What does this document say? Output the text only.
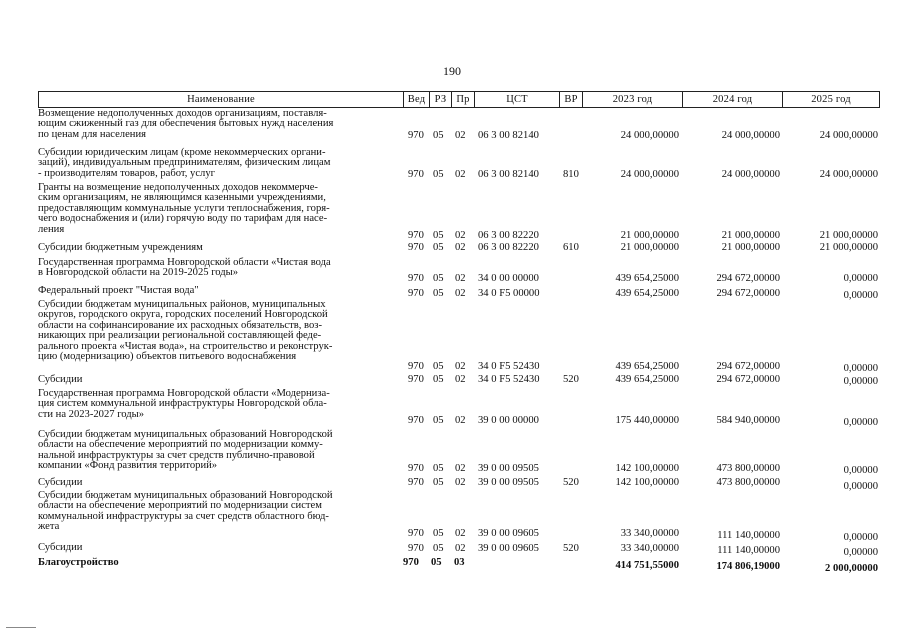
190
Наименование	Вед РЗ Пр	ЦСТ	ВР	2023 год	2024 год	2025 год
Возмещение недополученных доходов организациям, поставля-
ющим сжиженный газ для обеспечения бытовых нужд населения
по ценам для населения	970 05 02 06 3 00 82140	24 000,00000	24 000,00000	24 000,00000
Субсидии юридическим лицам (кроме некоммерческих органи-
заций), индивидуальным предпринимателям, физическим лицам
- производителям товаров, работ, услуг	970 05 02 06 3 00 82140 810	24 000,00000	24 000,00000	24 000,00000
Гранты на возмещение недополученных доходов некоммерче-
ским организациям, не являющимся казенными учреждениями,
предоставляющим коммунальные услуги теплоснабжения, горя-
чего водоснабжения и (или) горячую воду по тарифам для насе-
ления
970 05 02 06 3 00 82220	21 000,00000	21 000,00000	21 000,00000
Субсидии бюджетным учреждениям	970 05 02 06 3 00 82220 610	21 000,00000	21 000,00000	21 000,00000
Государственная программа Новгородской области «Чистая вода
в Новгородской области на 2019-2025 годы»
970 05 02 34 0 00 00000	439 654,25000	294 672,00000	0,00000
Федеральный проект "Чистая вода"	970 05 02 34 0 F5 00000	439 654,25000	294 672,00000	0,00000
Субсидии бюджетам муниципальных районов, муниципальных
округов, городского округа, городских поселений Новгородской
области на софинансирование их расходных обязательств, воз-
никающих при реализации региональной составляющей феде-
рального проекта «Чистая вода», на строительство и реконструк-
цию (модернизацию) объектов питьевого водоснабжения
970 05 02 34 0 F5 52430	439 654,25000	294 672,00000	0,00000
Субсидии	970 05 02 34 0 F5 52430 520	439 654,25000	294 672,00000	0,00000
Государственная программа Новгородской области «Модерниза-
ция систем коммунальной инфраструктуры Новгородской обла-
сти на 2023-2027 годы»
970 05 02 39 0 00 00000	175 440,00000	584 940,00000	0,00000
Субсидии бюджетам муниципальных образований Новгородской
области на обеспечение мероприятий по модернизации комму-
нальной инфраструктуры за счет средств публично-правовой
компании «Фонд развития территорий»	970 05 02 39 0 00 09505	142 100,00000	473 800,00000	0,00000
Субсидии	970 05 02 39 0 00 09505 520	142 100,00000	473 800,00000	0,00000
Субсидии бюджетам муниципальных образований Новгородской
области на обеспечение мероприятий по модернизации систем
коммунальной инфраструктуры за счет средств областного бюд-
жета
970 05 02 39 0 00 09605	33 340,00000	111 140,00000	0,00000
Субсидии	970 05 02 39 0 00 09605 520	33 340,00000	111 140,00000	0,00000
Благоустройство	970 05 03	414 751,55000	174 806,19000	2 000,00000
